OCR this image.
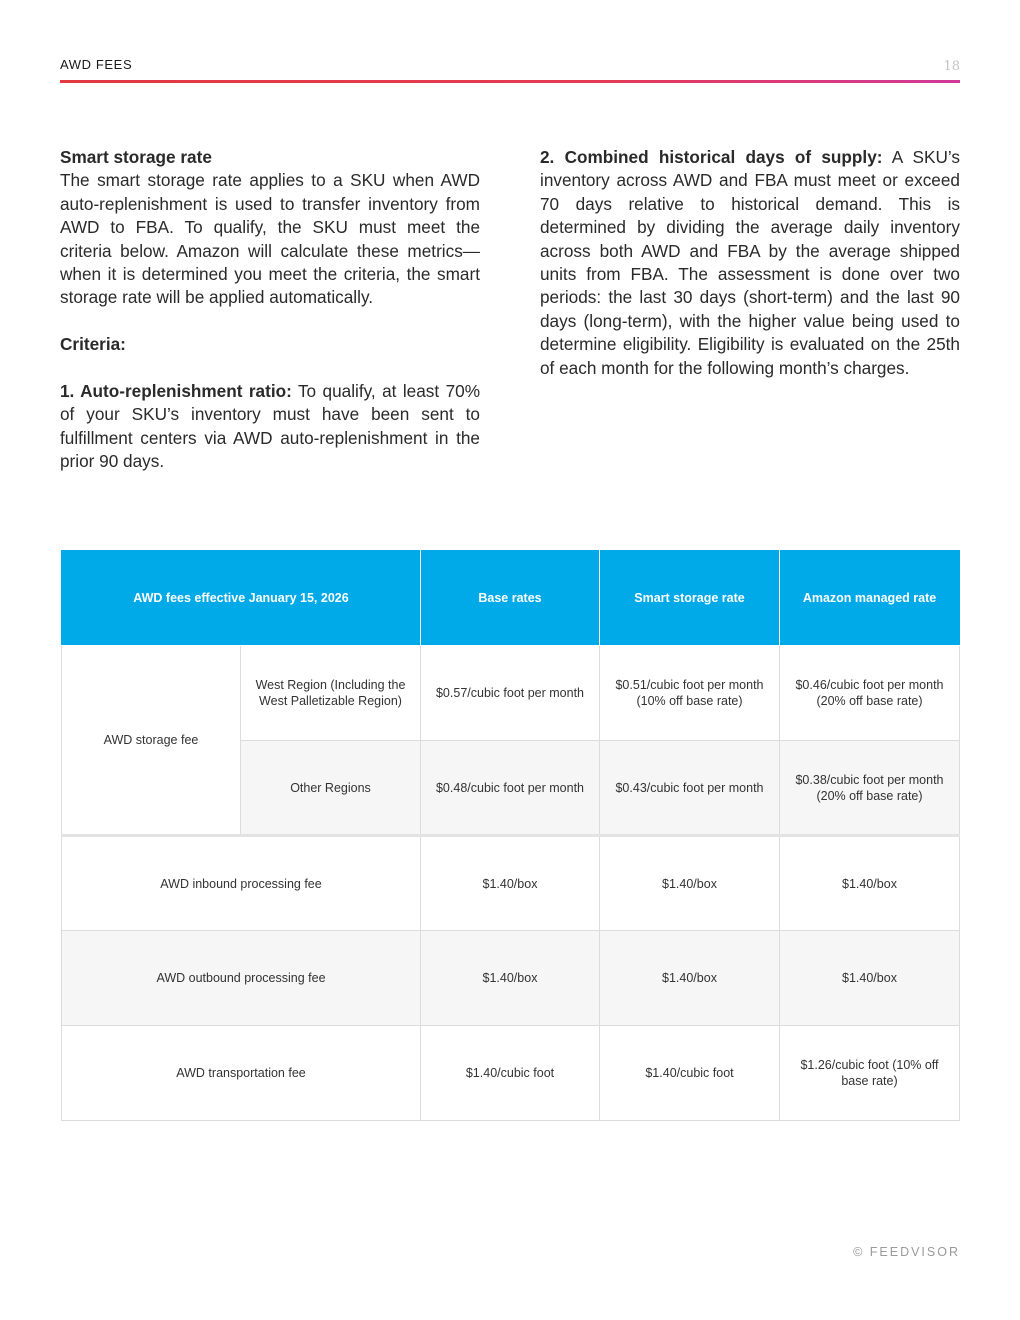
AWD FEES	18

Smart storage rate

The smart storage rate applies to a SKU when AWD auto-replenishment is used to transfer inventory from AWD to FBA. To qualify, the SKU must meet the criteria below. Amazon will calculate these metrics— when it is determined you meet the criteria, the smart storage rate will be applied automatically.

Criteria:

1. Auto-replenishment ratio: To qualify, at least 70% of your SKU’s inventory must have been sent to fulfillment centers via AWD auto-replenishment in the prior 90 days.

2. Combined historical days of supply: A SKU’s inventory across AWD and FBA must meet or exceed 70 days relative to historical demand. This is determined by dividing the average daily inventory across both AWD and FBA by the average shipped units from FBA. The assessment is done over two periods: the last 30 days (short-term) and the last 90 days (long-term), with the higher value being used to determine eligibility. Eligibility is evaluated on the 25th of each month for the following month’s charges.

AWD fees effective January 15, 2026		Base rates	Smart storage rate	Amazon managed rate
AWD storage fee	West Region (Including the West Palletizable Region)	$0.57/cubic foot per month	$0.51/cubic foot per month (10% off base rate)	$0.46/cubic foot per month (20% off base rate)
	Other Regions	$0.48/cubic foot per month	$0.43/cubic foot per month	$0.38/cubic foot per month (20% off base rate)
AWD inbound processing fee		$1.40/box	$1.40/box	$1.40/box
AWD outbound processing fee		$1.40/box	$1.40/box	$1.40/box
AWD transportation fee		$1.40/cubic foot	$1.40/cubic foot	$1.26/cubic foot (10% off base rate)
© FEEDVISOR
